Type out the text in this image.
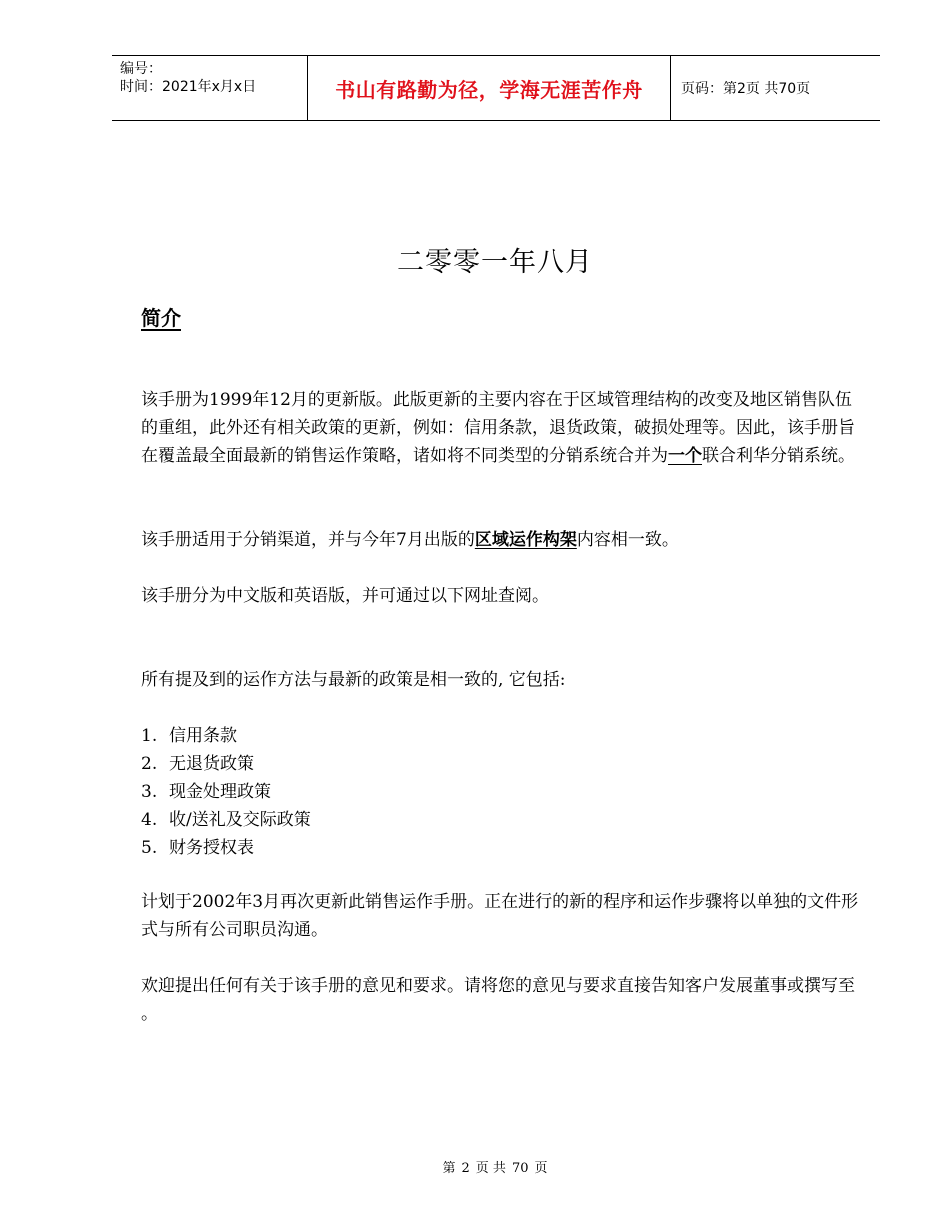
编号：
时间：2021年x月x日	书山有路勤为径，学海无涯苦作舟	页码：第2页 共70页
二零零一年八月
简介

该手册为1999年12月的更新版。此版更新的主要内容在于区域管理结构的改变及地区销售队伍的重组，此外还有相关政策的更新，例如：信用条款，退货政策，破损处理等。因此，该手册旨在覆盖最全面最新的销售运作策略，诸如将不同类型的分销系统合并为一个联合利华分销系统。

该手册适用于分销渠道，并与今年7月出版的区域运作构架内容相一致。

该手册分为中文版和英语版，并可通过以下网址查阅。

所有提及到的运作方法与最新的政策是相一致的, 它包括:

1. 信用条款
2. 无退货政策
3. 现金处理政策
4. 收/送礼及交际政策
5. 财务授权表

计划于2002年3月再次更新此销售运作手册。正在进行的新的程序和运作步骤将以单独的文件形式与所有公司职员沟通。

欢迎提出任何有关于该手册的意见和要求。请将您的意见与要求直接告知客户发展董事或撰写至 。

第 2 页 共 70 页
